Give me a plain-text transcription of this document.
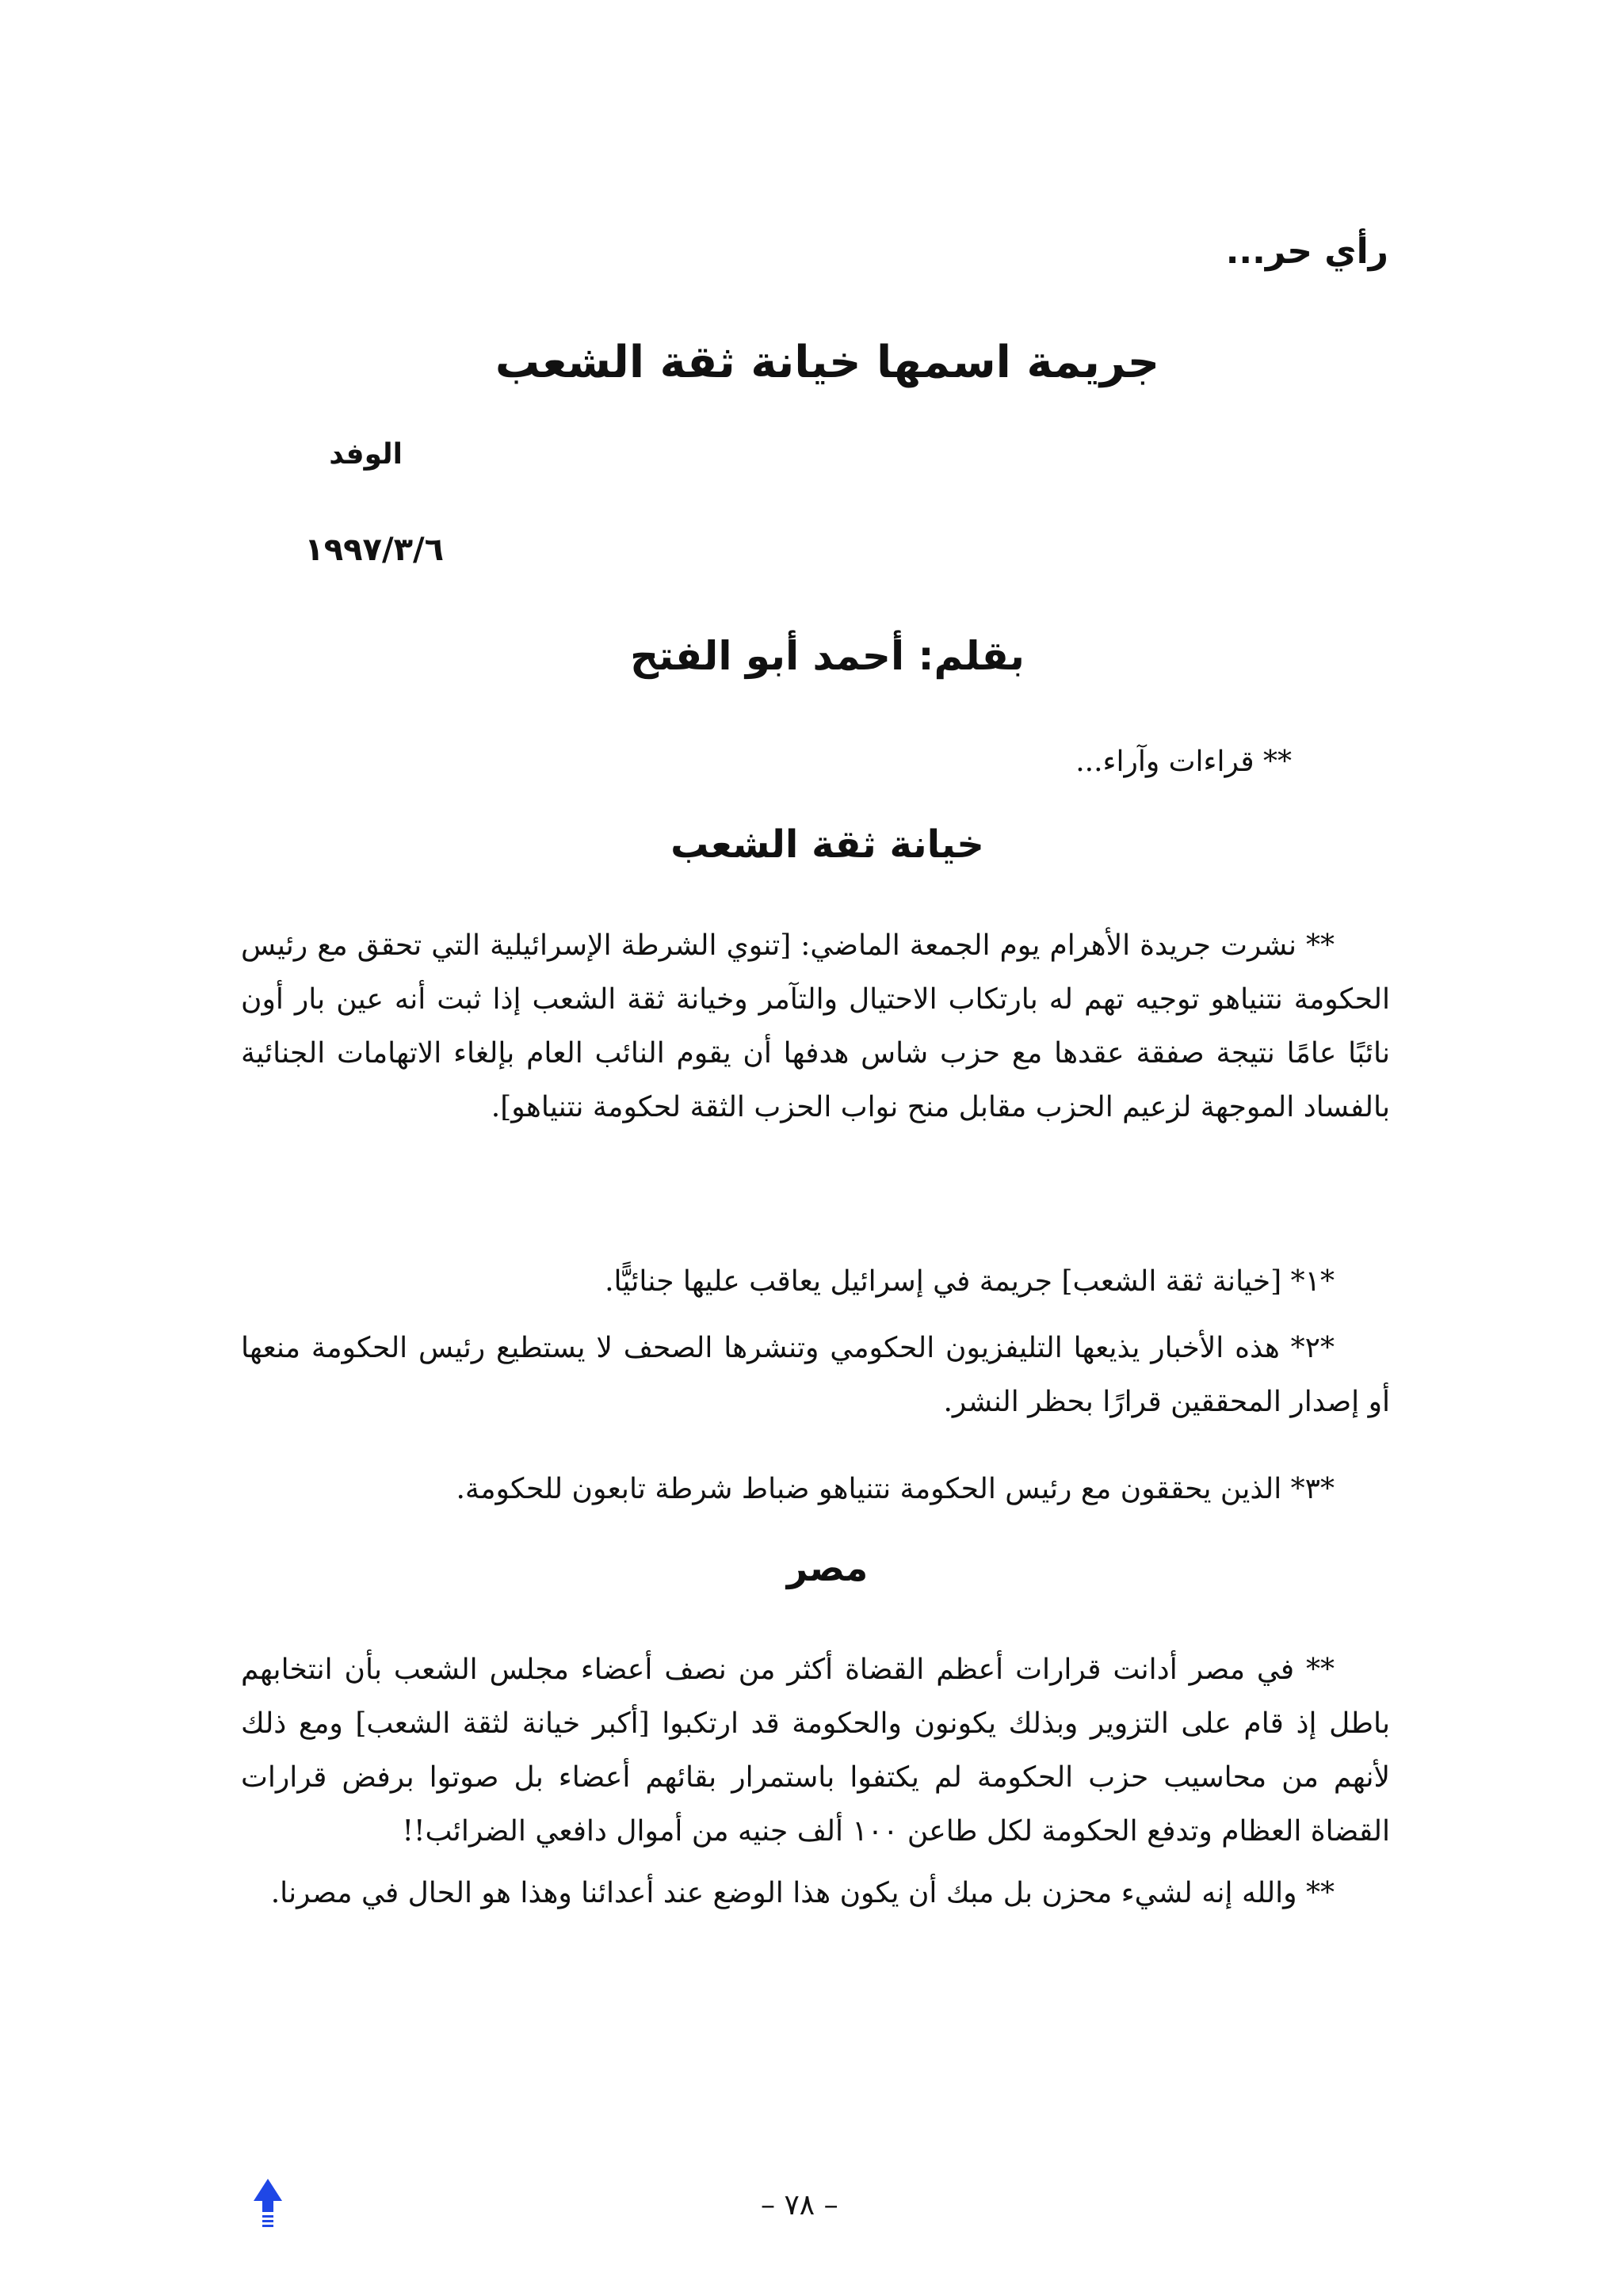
رأي حر...
جريمة اسمها خيانة ثقة الشعب
الوفد
١٩٩٧/٣/٦
بقلم: أحمد أبو الفتح
** قراءات وآراء...
خيانة ثقة الشعب

** نشرت جريدة الأهرام يوم الجمعة الماضي: [تنوي الشرطة الإسرائيلية التي تحقق مع رئيس الحكومة نتنياهو توجيه تهم له بارتكاب الاحتيال والتآمر وخيانة ثقة الشعب إذا ثبت أنه عين بار أون نائبًا عامًا نتيجة صفقة عقدها مع حزب شاس هدفها أن يقوم النائب العام بإلغاء الاتهامات الجنائية بالفساد الموجهة لزعيم الحزب مقابل منح نواب الحزب الثقة لحكومة نتنياهو].

*١* [خيانة ثقة الشعب] جريمة في إسرائيل يعاقب عليها جنائيًّا.

*٢* هذه الأخبار يذيعها التليفزيون الحكومي وتنشرها الصحف لا يستطيع رئيس الحكومة منعها أو إصدار المحققين قرارًا بحظر النشر.

*٣* الذين يحققون مع رئيس الحكومة نتنياهو ضباط شرطة تابعون للحكومة.
مصر

** في مصر أدانت قرارات أعظم القضاة أكثر من نصف أعضاء مجلس الشعب بأن انتخابهم باطل إذ قام على التزوير وبذلك يكونون والحكومة قد ارتكبوا [أكبر خيانة لثقة الشعب] ومع ذلك لأنهم من محاسيب حزب الحكومة لم يكتفوا باستمرار بقائهم أعضاء بل صوتوا برفض قرارات القضاة العظام وتدفع الحكومة لكل طاعن ١٠٠ ألف جنيه من أموال دافعي الضرائب!!

** والله إنه لشيء محزن بل مبك أن يكون هذا الوضع عند أعدائنا وهذا هو الحال في مصرنا.

– ٧٨ –
